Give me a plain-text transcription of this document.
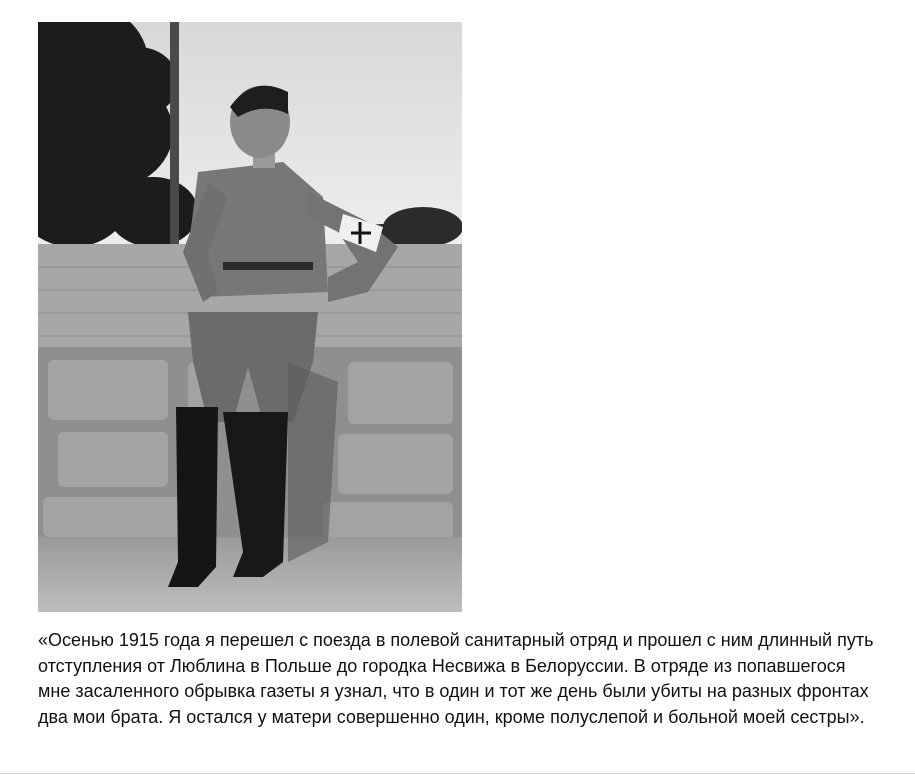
«Осенью 1915 года я перешел с поезда в полевой санитарный отряд и прошел с ним длинный путь отступления от Люблина в Польше до городка Несвижа в Белоруссии. В отряде из попавшегося мне засаленного обрывка газеты я узнал, что в один и тот же день были убиты на разных фронтах два мои брата. Я остался у матери совершенно один, кроме полуслепой и больной моей сестры».
